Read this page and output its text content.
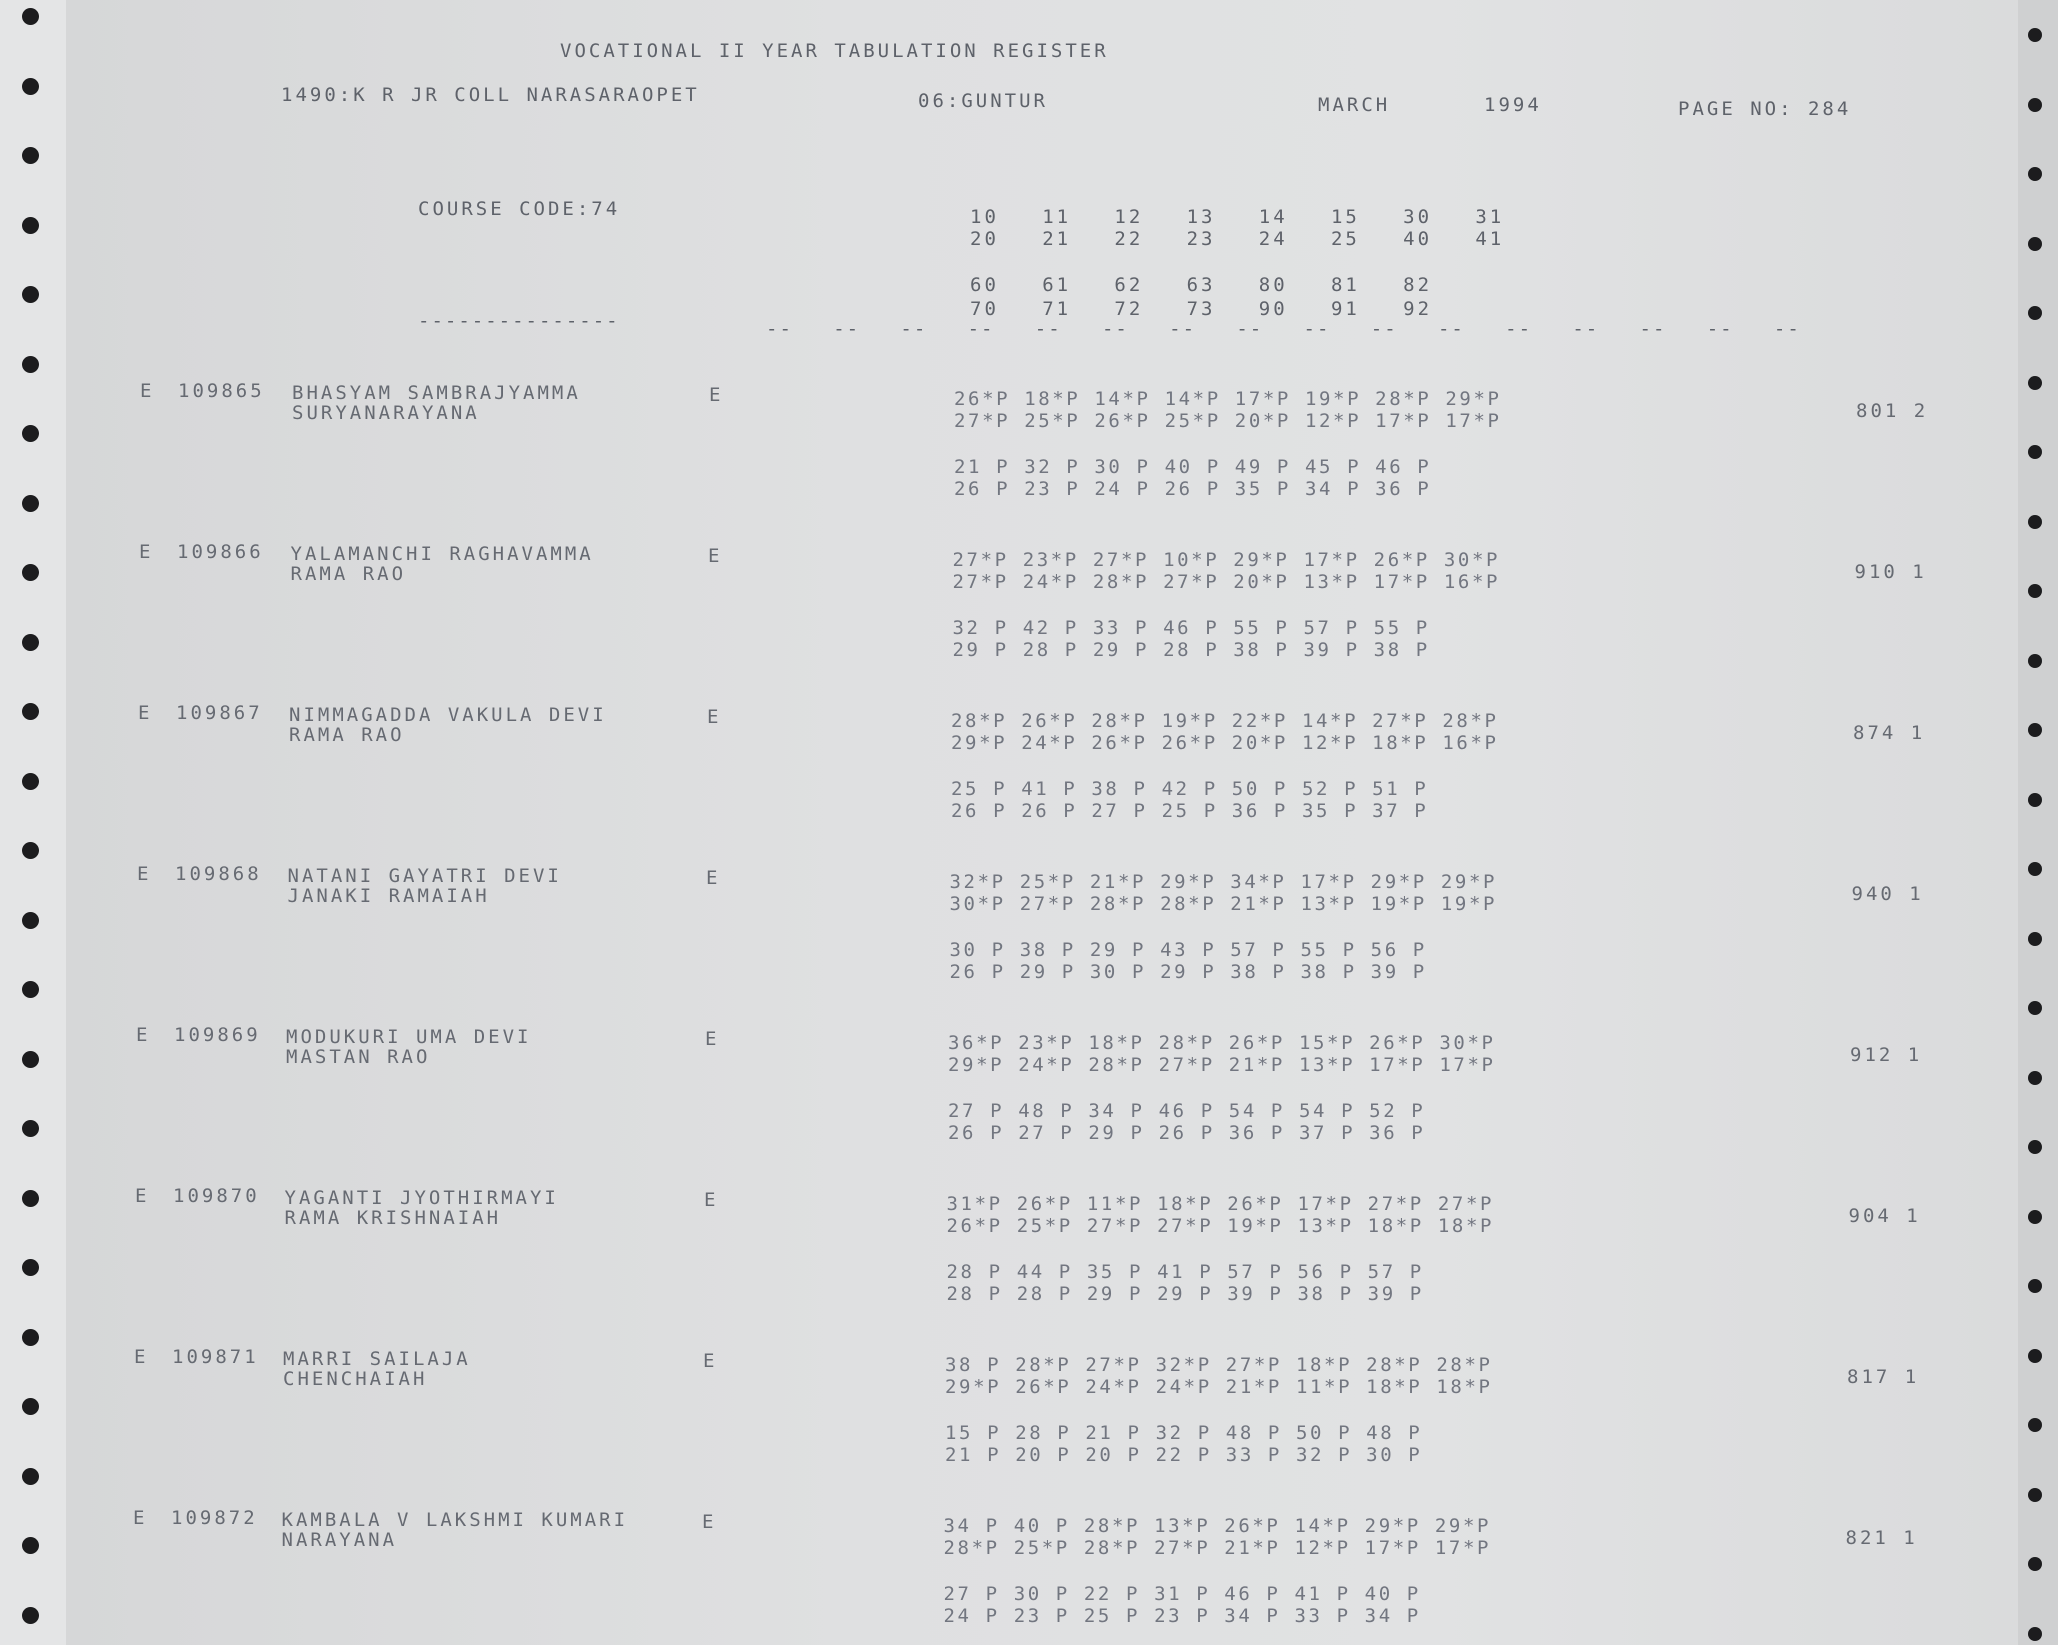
VOCATIONAL II YEAR TABULATION REGISTER
1490:K R JR COLL NARASARAOPET	06:GUNTUR	MARCH	1994	PAGE NO: 284
COURSE CODE:74	10   11   12   13   14   15   30   31
20   21   22   23   24   25   40   41
60   61   62   63   80   81   82
70   71   72   73   90   91   92
---------------	--   --   --   --   --   --   --   --   --   --   --   --   --   --   --   --
E 109865 BHASYAM SAMBRAJYAMMA
SURYANARAYANA
E	26*P 18*P 14*P 14*P 17*P 19*P 28*P 29*P
27*P 25*P 26*P 25*P 20*P 12*P 17*P 17*P
21 P 32 P 30 P 40 P 49 P 45 P 46 P
26 P 23 P 24 P 26 P 35 P 34 P 36 P
801 2
E 109866 YALAMANCHI RAGHAVAMMA
RAMA RAO
E	27*P 23*P 27*P 10*P 29*P 17*P 26*P 30*P
27*P 24*P 28*P 27*P 20*P 13*P 17*P 16*P
32 P 42 P 33 P 46 P 55 P 57 P 55 P
29 P 28 P 29 P 28 P 38 P 39 P 38 P
910 1
E 109867 NIMMAGADDA VAKULA DEVI
RAMA RAO
E	28*P 26*P 28*P 19*P 22*P 14*P 27*P 28*P
29*P 24*P 26*P 26*P 20*P 12*P 18*P 16*P
25 P 41 P 38 P 42 P 50 P 52 P 51 P
26 P 26 P 27 P 25 P 36 P 35 P 37 P
874 1
E 109868 NATANI GAYATRI DEVI
JANAKI RAMAIAH
E	32*P 25*P 21*P 29*P 34*P 17*P 29*P 29*P
30*P 27*P 28*P 28*P 21*P 13*P 19*P 19*P
30 P 38 P 29 P 43 P 57 P 55 P 56 P
26 P 29 P 30 P 29 P 38 P 38 P 39 P
940 1
E 109869 MODUKURI UMA DEVI
MASTAN RAO
E	36*P 23*P 18*P 28*P 26*P 15*P 26*P 30*P
29*P 24*P 28*P 27*P 21*P 13*P 17*P 17*P
27 P 48 P 34 P 46 P 54 P 54 P 52 P
26 P 27 P 29 P 26 P 36 P 37 P 36 P
912 1
E 109870 YAGANTI JYOTHIRMAYI
RAMA KRISHNAIAH
E	31*P 26*P 11*P 18*P 26*P 17*P 27*P 27*P
26*P 25*P 27*P 27*P 19*P 13*P 18*P 18*P
28 P 44 P 35 P 41 P 57 P 56 P 57 P
28 P 28 P 29 P 29 P 39 P 38 P 39 P
904 1
E 109871 MARRI SAILAJA
CHENCHAIAH
E	38 P 28*P 27*P 32*P 27*P 18*P 28*P 28*P
29*P 26*P 24*P 24*P 21*P 11*P 18*P 18*P
15 P 28 P 21 P 32 P 48 P 50 P 48 P
21 P 20 P 20 P 22 P 33 P 32 P 30 P
817 1
E 109872 KAMBALA V LAKSHMI KUMARI
NARAYANA
E	34 P 40 P 28*P 13*P 26*P 14*P 29*P 29*P
28*P 25*P 28*P 27*P 21*P 12*P 17*P 17*P
27 P 30 P 22 P 31 P 46 P 41 P 40 P
24 P 23 P 25 P 23 P 34 P 33 P 34 P
821 1
